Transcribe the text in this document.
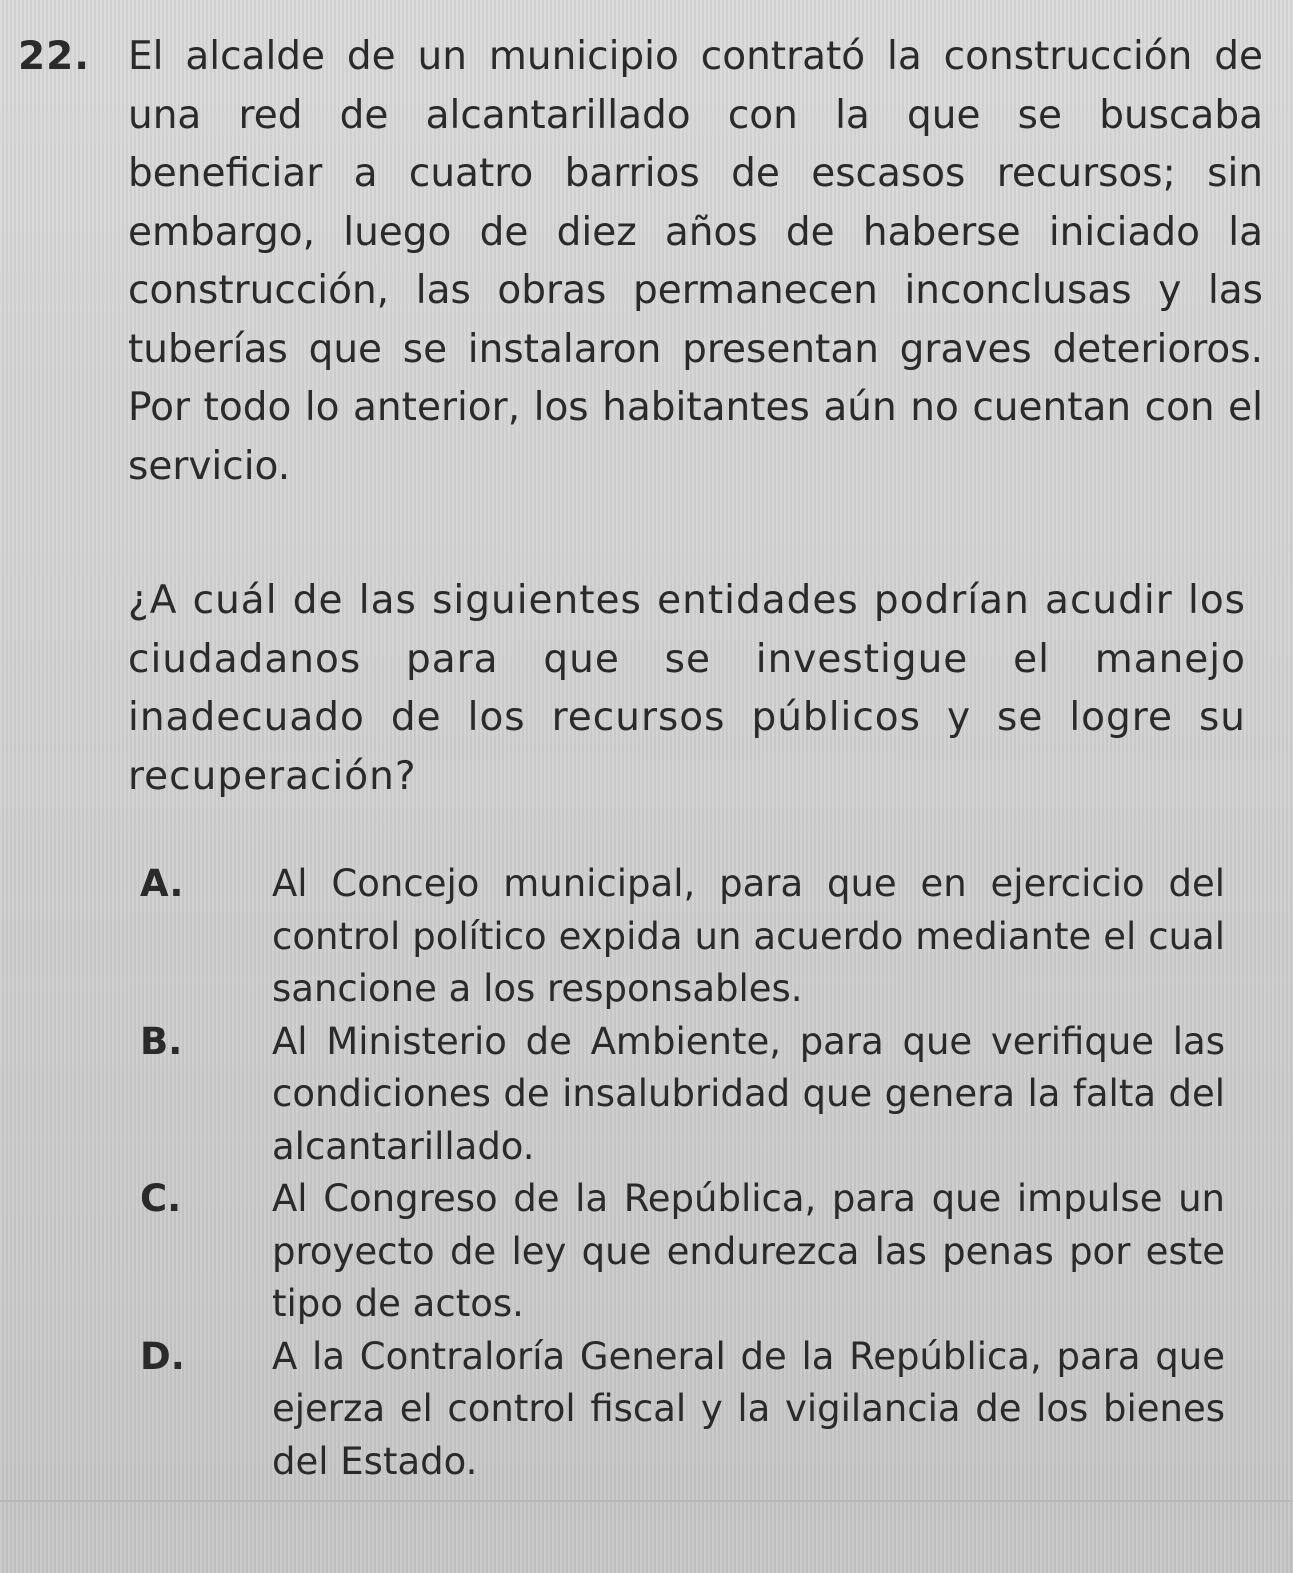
22. El alcalde de un municipio contrató la construcción de una red de alcantarillado con la que se buscaba beneficiar a cuatro barrios de escasos recursos; sin embargo, luego de diez años de haberse iniciado la construcción, las obras permanecen inconclusas y las tuberías que se instalaron presentan graves deterioros. Por todo lo anterior, los habitantes aún no cuentan con el servicio.
¿A cuál de las siguientes entidades podrían acudir los ciudadanos para que se investigue el manejo inadecuado de los recursos públicos y se logre su recuperación?
A. Al Concejo municipal, para que en ejercicio del control político expida un acuerdo mediante el cual sancione a los responsables.
B. Al Ministerio de Ambiente, para que verifique las condiciones de insalubridad que genera la falta del alcantarillado.
C. Al Congreso de la República, para que impulse un proyecto de ley que endurezca las penas por este tipo de actos.
D. A la Contraloría General de la República, para que ejerza el control fiscal y la vigilancia de los bienes del Estado.
